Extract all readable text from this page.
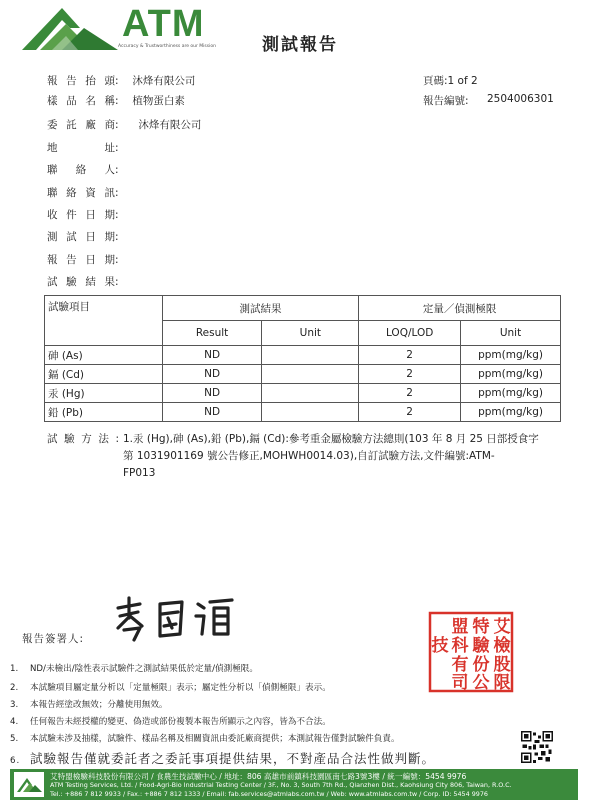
ATM
Accuracy & Trustworthiness are our Mission	測試報告
報告抬頭: 沐烽有限公司
樣品名稱: 植物蛋白素
委託廠商: 沐烽有限公司
地址:
聯絡人:
聯絡資訊:
收件日期:
測試日期:
報告日期:
試驗結果:
頁碼:1 of 2
報告編號: 2504006301
試驗項目	測試結果		定量／偵測極限	
	Result	Unit	LOQ/LOD	Unit
砷 (As)	ND		2	ppm(mg/kg)
鎘 (Cd)	ND		2	ppm(mg/kg)
汞 (Hg)	ND		2	ppm(mg/kg)
鉛 (Pb)	ND		2	ppm(mg/kg)
試驗方法: 1.汞 (Hg),砷 (As),鉛 (Pb),鎘 (Cd):參考重金屬檢驗方法總則(103 年 8 月 25 日部授食字
第 1031901169 號公告修正,MOHWH0014.03),自訂試驗方法,文件編號:ATM-
FP013
報告簽署人:
艾
檢
股
限
特
驗
份
公
盟
科
有
司
技
1. ND/未檢出/陰性表示試驗件之測試結果低於定量/偵測極限。
2. 本試驗項目屬定量分析以「定量極限」表示；屬定性分析以「偵側極限」表示。
3. 本報告經塗改無效；分離使用無效。
4. 任何報告未經授權的變更、偽造或部份複製本報告所顯示之內容，皆為不合法。
5. 本試驗未涉及抽樣，試驗件、樣品名稱及相關資訊由委託廠商提供；本測試報告僅對試驗件負責。
6. 試驗報告僅就委託者之委託事項提供結果，不對產品合法性做判斷。
艾特盟檢驗科技股份有限公司 / 食農生技試驗中心 / 地址：806 高雄市前鎮科技園區南七路3號3樓 / 統一編號：5454 9976
ATM Testing Services, Ltd. / Food-Agri-Bio Industrial Testing Center / 3F., No. 3, South 7th Rd., Qianzhen Dist., Kaohsiung City 806, Taiwan, R.O.C.
Tel.: +886 7 812 9933 / Fax.: +886 7 812 1333 / Email: fab.services@atmlabs.com.tw / Web: www.atmlabs.com.tw / Corp. ID: 5454 9976
